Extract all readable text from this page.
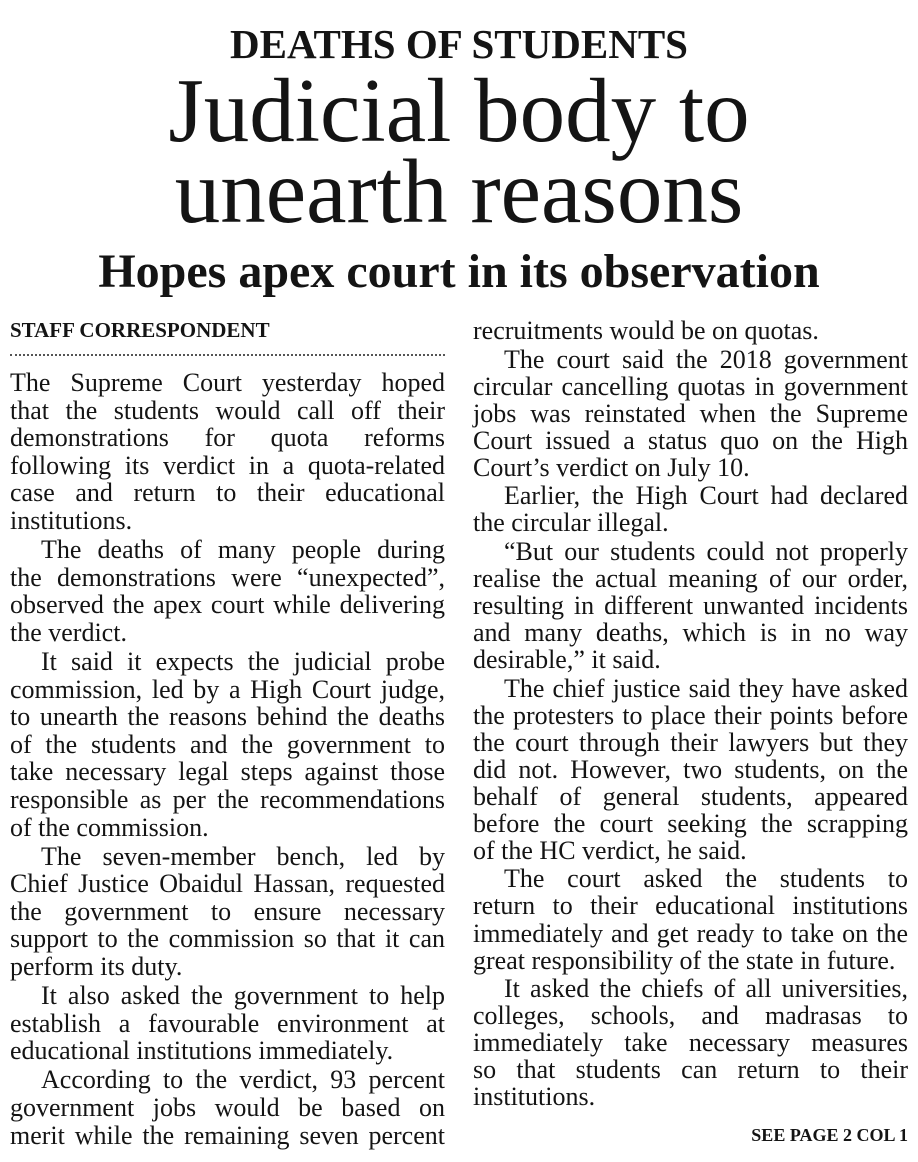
DEATHS OF STUDENTS
Judicial body to
unearth reasons
Hopes apex court in its observation
STAFF CORRESPONDENT
The Supreme Court yesterday hoped
that the students would call off their
demonstrations for quota reforms
following its verdict in a quota-related
case and return to their educational
institutions.
The deaths of many people during
the demonstrations were “unexpected”,
observed the apex court while delivering
the verdict.
It said it expects the judicial probe
commission, led by a High Court judge,
to unearth the reasons behind the deaths
of the students and the government to
take necessary legal steps against those
responsible as per the recommendations
of the commission.
The seven-member bench, led by
Chief Justice Obaidul Hassan, requested
the government to ensure necessary
support to the commission so that it can
perform its duty.
It also asked the government to help
establish a favourable environment at
educational institutions immediately.
According to the verdict, 93 percent
government jobs would be based on
merit while the remaining seven percent
recruitments would be on quotas.
The court said the 2018 government
circular cancelling quotas in government
jobs was reinstated when the Supreme
Court issued a status quo on the High
Court’s verdict on July 10.
Earlier, the High Court had declared
the circular illegal.
“But our students could not properly
realise the actual meaning of our order,
resulting in different unwanted incidents
and many deaths, which is in no way
desirable,” it said.
The chief justice said they have asked
the protesters to place their points before
the court through their lawyers but they
did not. However, two students, on the
behalf of general students, appeared
before the court seeking the scrapping
of the HC verdict, he said.
The court asked the students to
return to their educational institutions
immediately and get ready to take on the
great responsibility of the state in future.
It asked the chiefs of all universities,
colleges, schools, and madrasas to
immediately take necessary measures
so that students can return to their
institutions.
SEE PAGE 2 COL 1
